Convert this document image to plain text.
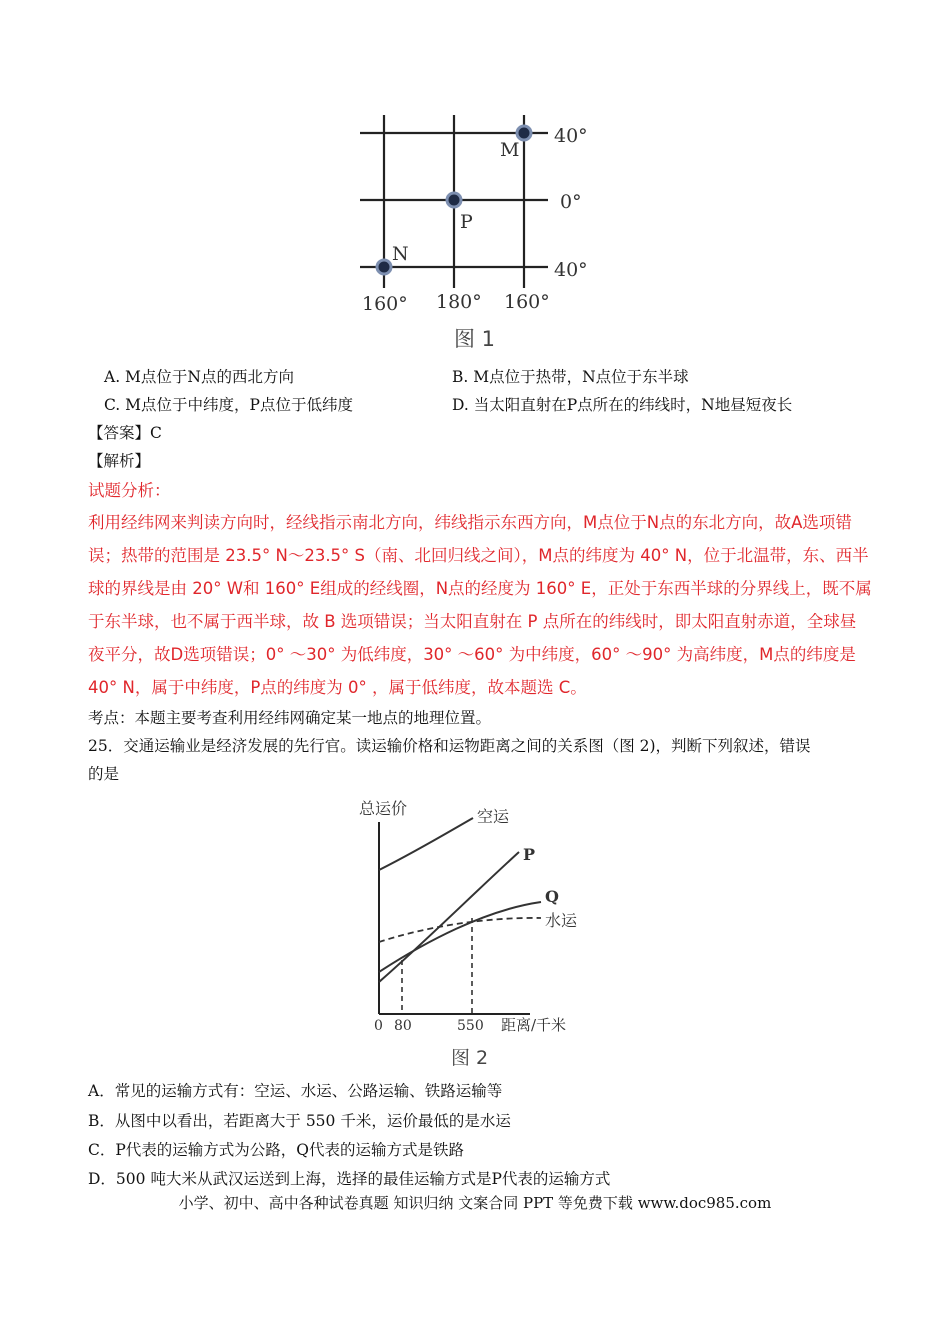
40°
0°
40°
160° 180° 160°
M
P
N
图 1
A. M点位于N点的西北方向	B. M点位于热带，N点位于东半球
C. M点位于中纬度，P点位于低纬度	D. 当太阳直射在P点所在的纬线时，N地昼短夜长
【答案】C
【解析】
试题分析：
利用经纬网来判读方向时，经线指示南北方向，纬线指示东西方向，M点位于N点的东北方向，故A选项错
误；热带的范围是 23.5° N～23.5° S（南、北回归线之间），M点的纬度为 40° N，位于北温带，东、西半
球的界线是由 20° W和 160° E组成的经线圈，N点的经度为 160° E，正处于东西半球的分界线上，既不属
于东半球，也不属于西半球，故 B 选项错误；当太阳直射在 P 点所在的纬线时，即太阳直射赤道，全球昼
夜平分，故D选项错误；0° ～30° 为低纬度，30° ～60° 为中纬度，60° ～90° 为高纬度，M点的纬度是
40° N，属于中纬度，P点的纬度为 0° ，属于低纬度，故本题选 C。
考点：本题主要考查利用经纬网确定某一地点的地理位置。
25．交通运输业是经济发展的先行官。读运输价格和运物距离之间的关系图（图 2)，判断下列叙述，错误
的是
总运价	空运
P
Q
水运
0 80	550 距离/千米
图 2
A．常见的运输方式有：空运、水运、公路运输、铁路运输等
B．从图中以看出，若距离大于 550 千米，运价最低的是水运
C．P代表的运输方式为公路，Q代表的运输方式是铁路
D．500 吨大米从武汉运送到上海，选择的最佳运输方式是P代表的运输方式
小学、初中、高中各种试卷真题 知识归纳 文案合同 PPT 等免费下载 www.doc985.com
